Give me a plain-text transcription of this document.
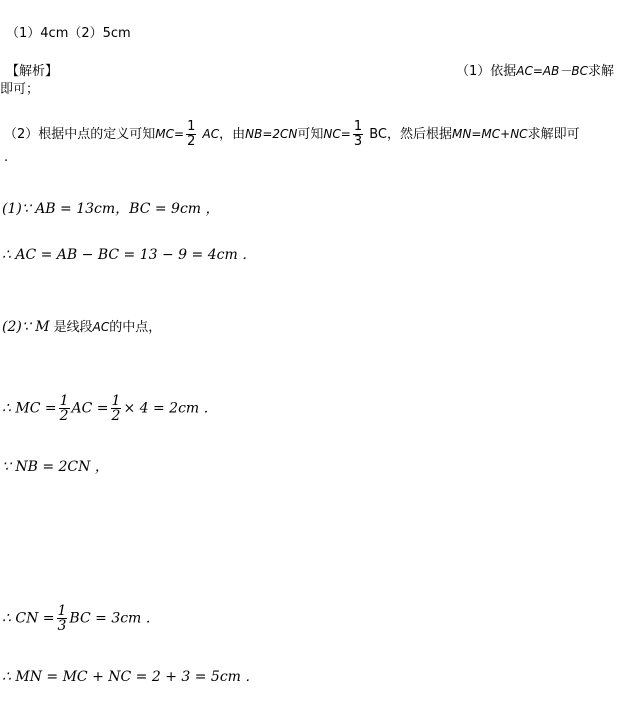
（1）4cm（2）5cm
【解析】	（1）依据AC=AB－BC求解
即可；
（2）根据中点的定义可知$MC= \frac{1}{2}$ AC，由NB=2CN可知$NC= \frac{1}{3}$ BC，然后根据MN=MC+NC求解即可
.
(1)∵ AB = 13cm，BC = 9cm ，
∴ AC = AB − BC = 13 − 9 = 4cm ．
(2)∵ M 是线段AC的中点，
∴ MC = $\frac{1}{2}$ AC = $\frac{1}{2} \times 4 = 2cm$ ．
∵ NB = 2CN ，
∴ CN = $\frac{1}{3}$ BC = 3cm ．
∴ MN = MC + NC = 2 + 3 = 5cm ．
